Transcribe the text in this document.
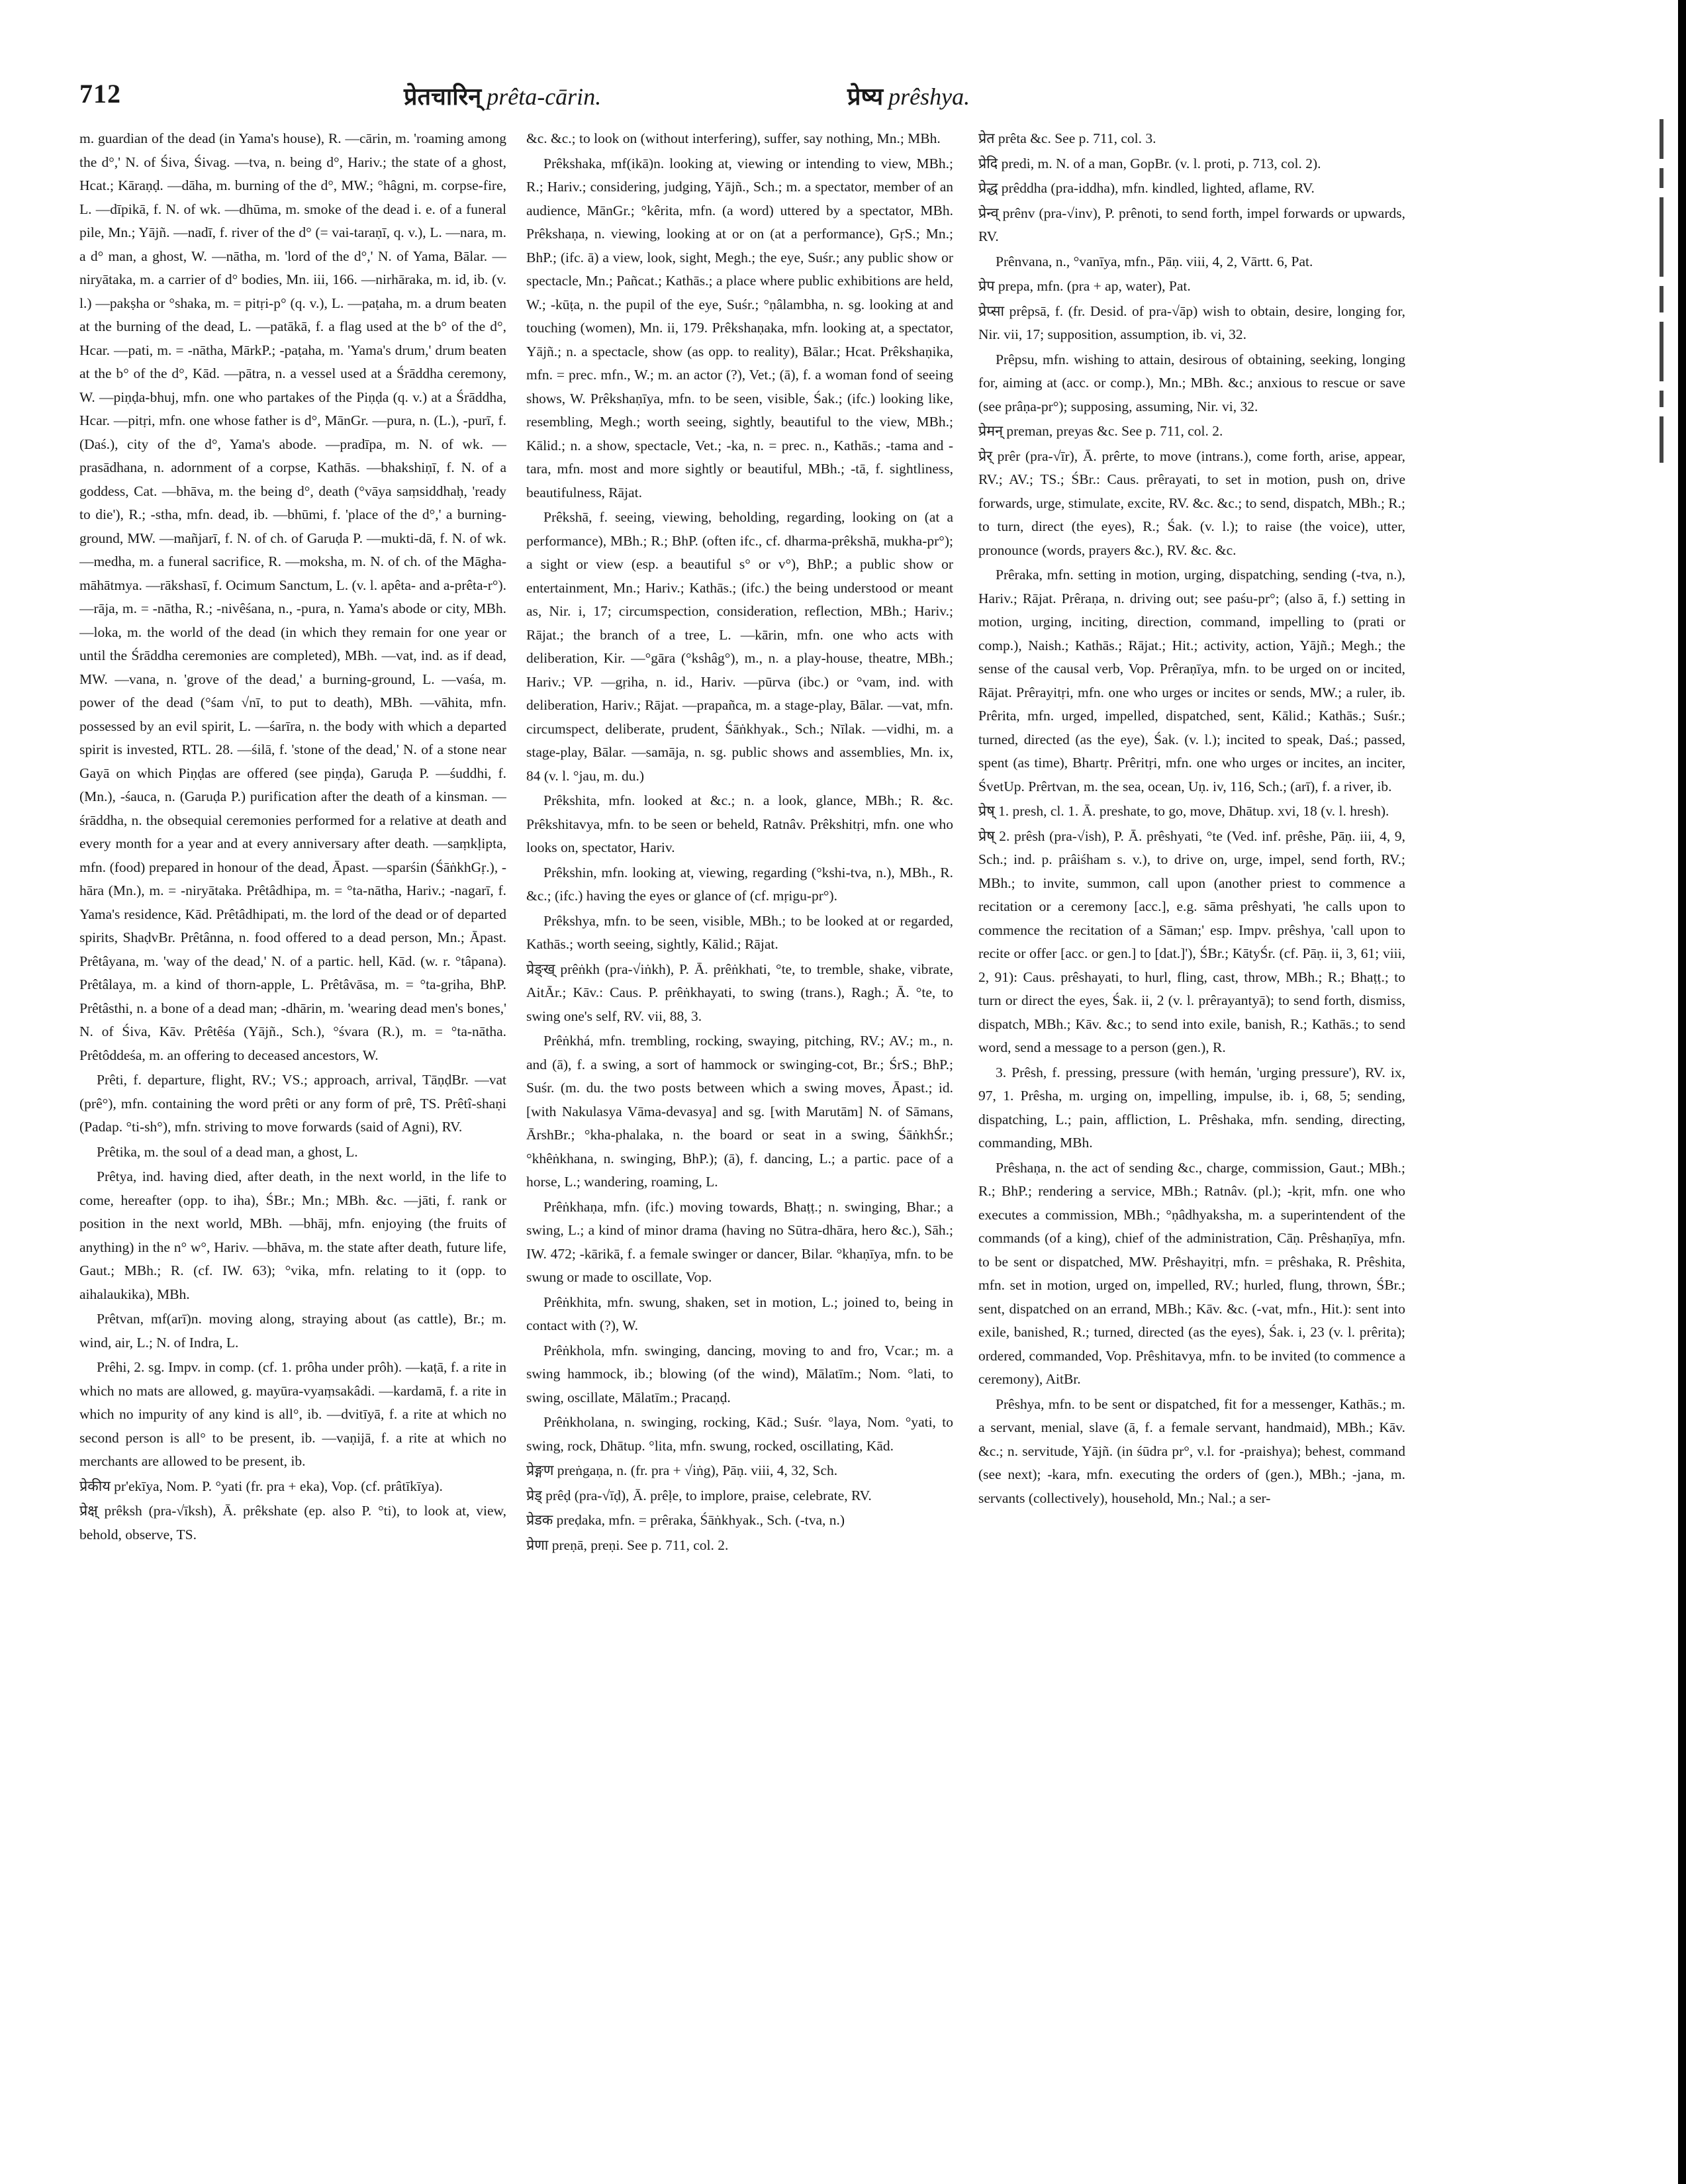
712	प्रेतचारिन् prêta-cārin.	प्रेष्य prêshya.

m. guardian of the dead (in Yama's house), R. —cārin, m. 'roaming among the d°,' N. of Śiva, Śivag. —tva, n. being d°, Hariv.; the state of a ghost, Hcat.; Kāraṇḍ. —dāha, m. burning of the d°, MW.; °hâgni, m. corpse-fire, L. —dīpikā, f. N. of wk. —dhūma, m. smoke of the dead i. e. of a funeral pile, Mn.; Yājñ. —nadī, f. river of the d° (= vai-taraṇī, q. v.), L. —nara, m. a d° man, a ghost, W. —nātha, m. 'lord of the d°,' N. of Yama, Bālar. —niryātaka, m. a carrier of d° bodies, Mn. iii, 166. —nirhāraka, m. id, ib. (v. l.) —pakṣha or °shaka, m. = pitṛi-p° (q. v.), L. —paṭaha, m. a drum beaten at the burning of the dead, L. —patākā, f. a flag used at the b° of the d°, Hcar. —pati, m. = -nātha, MārkP.; -paṭaha, m. 'Yama's drum,' drum beaten at the b° of the d°, Kād. —pātra, n. a vessel used at a Śrāddha ceremony, W. —piṇḍa-bhuj, mfn. one who partakes of the Piṇḍa (q. v.) at a Śrāddha, Hcar. —pitṛi, mfn. one whose father is d°, MānGr. —pura, n. (L.), -purī, f. (Daś.), city of the d°, Yama's abode. —pradīpa, m. N. of wk. —prasādhana, n. adornment of a corpse, Kathās. —bhakshiṇī, f. N. of a goddess, Cat. —bhāva, m. the being d°, death (°vāya saṃsiddhaḥ, 'ready to die'), R.; -stha, mfn. dead, ib. —bhūmi, f. 'place of the d°,' a burning-ground, MW. —mañjarī, f. N. of ch. of Garuḍa P. —mukti-dā, f. N. of wk. —medha, m. a funeral sacrifice, R. —moksha, m. N. of ch. of the Māgha-māhātmya. —rākshasī, f. Ocimum Sanctum, L. (v. l. apêta- and a-prêta-r°). —rāja, m. = -nātha, R.; -nivêśana, n., -pura, n. Yama's abode or city, MBh. —loka, m. the world of the dead (in which they remain for one year or until the Śrāddha ceremonies are completed), MBh. —vat, ind. as if dead, MW. —vana, n. 'grove of the dead,' a burning-ground, L. —vaśa, m. power of the dead (°śam √nī, to put to death), MBh. —vāhita, mfn. possessed by an evil spirit, L. —śarīra, n. the body with which a departed spirit is invested, RTL. 28. —śilā, f. 'stone of the dead,' N. of a stone near Gayā on which Piṇḍas are offered (see piṇḍa), Garuḍa P. —śuddhi, f. (Mn.), -śauca, n. (Garuḍa P.) purification after the death of a kinsman. —śrāddha, n. the obsequial ceremonies performed for a relative at death and every month for a year and at every anniversary after death. —saṃkḷipta, mfn. (food) prepared in honour of the dead, Āpast. —sparśin (ŚāṅkhGṛ.), -hāra (Mn.), m. = -niryātaka. Prêtâdhipa, m. = °ta-nātha, Hariv.; -nagarī, f. Yama's residence, Kād. Prêtâdhipati, m. the lord of the dead or of departed spirits, ShaḍvBr. Prêtânna, n. food offered to a dead person, Mn.; Āpast. Prêtâyana, m. 'way of the dead,' N. of a partic. hell, Kād. (w. r. °tâpana). Prêtâlaya, m. a kind of thorn-apple, L. Prêtâvāsa, m. = °ta-gṛiha, BhP. Prêtâsthi, n. a bone of a dead man; -dhārin, m. 'wearing dead men's bones,' N. of Śiva, Kāv. Prêtêśa (Yājñ., Sch.), °śvara (R.), m. = °ta-nātha. Prêtôddeśa, m. an offering to deceased ancestors, W.

Prêti, f. departure, flight, RV.; VS.; approach, arrival, TāṇḍBr. —vat (prê°), mfn. containing the word prêti or any form of prê, TS. Prêtî-shaṇi (Padap. °ti-sh°), mfn. striving to move forwards (said of Agni), RV.

Prêtika, m. the soul of a dead man, a ghost, L.

Prêtya, ind. having died, after death, in the next world, in the life to come, hereafter (opp. to iha), ŚBr.; Mn.; MBh. &c. —jāti, f. rank or position in the next world, MBh. —bhāj, mfn. enjoying (the fruits of anything) in the n° w°, Hariv. —bhāva, m. the state after death, future life, Gaut.; MBh.; R. (cf. IW. 63); °vika, mfn. relating to it (opp. to aihalaukika), MBh.

Prêtvan, mf(arī)n. moving along, straying about (as cattle), Br.; m. wind, air, L.; N. of Indra, L.

Prêhi, 2. sg. Impv. in comp. (cf. 1. prôha under prôh). —kaṭā, f. a rite in which no mats are allowed, g. mayūra-vyaṃsakâdi. —kardamā, f. a rite in which no impurity of any kind is all°, ib. —dvitīyā, f. a rite at which no second person is all° to be present, ib. —vaṇijā, f. a rite at which no merchants are allowed to be present, ib.

प्रेकीय pr'ekīya, Nom. P. °yati (fr. pra + eka), Vop. (cf. prâtīkīya).

प्रेक्ष् prêksh (pra-√īksh), Ā. prêkshate (ep. also P. °ti), to look at, view, behold, observe, TS.

&c. &c.; to look on (without interfering), suffer, say nothing, Mn.; MBh.

Prêkshaka, mf(ikā)n. looking at, viewing or intending to view, MBh.; R.; Hariv.; considering, judging, Yājñ., Sch.; m. a spectator, member of an audience, MānGr.; °kêrita, mfn. (a word) uttered by a spectator, MBh. Prêkshaṇa, n. viewing, looking at or on (at a performance), GṛS.; Mn.; BhP.; (ifc. ā) a view, look, sight, Megh.; the eye, Suśr.; any public show or spectacle, Mn.; Pañcat.; Kathās.; a place where public exhibitions are held, W.; -kūṭa, n. the pupil of the eye, Suśr.; °ṇâlambha, n. sg. looking at and touching (women), Mn. ii, 179. Prêkshaṇaka, mfn. looking at, a spectator, Yājñ.; n. a spectacle, show (as opp. to reality), Bālar.; Hcat. Prêkshaṇika, mfn. = prec. mfn., W.; m. an actor (?), Vet.; (ā), f. a woman fond of seeing shows, W. Prêkshaṇīya, mfn. to be seen, visible, Śak.; (ifc.) looking like, resembling, Megh.; worth seeing, sightly, beautiful to the view, MBh.; Kālid.; n. a show, spectacle, Vet.; -ka, n. = prec. n., Kathās.; -tama and -tara, mfn. most and more sightly or beautiful, MBh.; -tā, f. sightliness, beautifulness, Rājat.

Prêkshā, f. seeing, viewing, beholding, regarding, looking on (at a performance), MBh.; R.; BhP. (often ifc., cf. dharma-prêkshā, mukha-pr°); a sight or view (esp. a beautiful s° or v°), BhP.; a public show or entertainment, Mn.; Hariv.; Kathās.; (ifc.) the being understood or meant as, Nir. i, 17; circumspection, consideration, reflection, MBh.; Hariv.; Rājat.; the branch of a tree, L. —kārin, mfn. one who acts with deliberation, Kir. —°gāra (°kshâg°), m., n. a play-house, theatre, MBh.; Hariv.; VP. —gṛiha, n. id., Hariv. —pūrva (ibc.) or °vam, ind. with deliberation, Hariv.; Rājat. —prapañca, m. a stage-play, Bālar. —vat, mfn. circumspect, deliberate, prudent, Śāṅkhyak., Sch.; Nīlak. —vidhi, m. a stage-play, Bālar. —samāja, n. sg. public shows and assemblies, Mn. ix, 84 (v. l. °jau, m. du.)

Prêkshita, mfn. looked at &c.; n. a look, glance, MBh.; R. &c. Prêkshitavya, mfn. to be seen or beheld, Ratnâv. Prêkshitṛi, mfn. one who looks on, spectator, Hariv.

Prêkshin, mfn. looking at, viewing, regarding (°kshi-tva, n.), MBh., R. &c.; (ifc.) having the eyes or glance of (cf. mṛigu-pr°).

Prêkshya, mfn. to be seen, visible, MBh.; to be looked at or regarded, Kathās.; worth seeing, sightly, Kālid.; Rājat.

प्रेङ्ख् prêṅkh (pra-√iṅkh), P. Ā. prêṅkhati, °te, to tremble, shake, vibrate, AitĀr.; Kāv.: Caus. P. prêṅkhayati, to swing (trans.), Ragh.; Ā. °te, to swing one's self, RV. vii, 88, 3.

Prêṅkhá, mfn. trembling, rocking, swaying, pitching, RV.; AV.; m., n. and (ā), f. a swing, a sort of hammock or swinging-cot, Br.; ŚrS.; BhP.; Suśr. (m. du. the two posts between which a swing moves, Āpast.; id. [with Nakulasya Vāma-devasya] and sg. [with Marutām] N. of Sāmans, ĀrshBr.; °kha-phalaka, n. the board or seat in a swing, ŚāṅkhŚr.; °khêṅkhana, n. swinging, BhP.); (ā), f. dancing, L.; a partic. pace of a horse, L.; wandering, roaming, L.

Prêṅkhaṇa, mfn. (ifc.) moving towards, Bhaṭṭ.; n. swinging, Bhar.; a swing, L.; a kind of minor drama (having no Sūtra-dhāra, hero &c.), Sāh.; IW. 472; -kārikā, f. a female swinger or dancer, Bilar. °khaṇīya, mfn. to be swung or made to oscillate, Vop.

Prêṅkhita, mfn. swung, shaken, set in motion, L.; joined to, being in contact with (?), W.

Prêṅkhola, mfn. swinging, dancing, moving to and fro, Vcar.; m. a swing hammock, ib.; blowing (of the wind), Mālatīm.; Nom. °lati, to swing, oscillate, Mālatīm.; Pracaṇḍ.

Prêṅkholana, n. swinging, rocking, Kād.; Suśr. °laya, Nom. °yati, to swing, rock, Dhātup. °lita, mfn. swung, rocked, oscillating, Kād.

प्रेङ्गण preṅgaṇa, n. (fr. pra + √iṅg), Pāṇ. viii, 4, 32, Sch.

प्रेड् prêḍ (pra-√īḍ), Ā. prêḷe, to implore, praise, celebrate, RV.

प्रेडक preḍaka, mfn. = prêraka, Śāṅkhyak., Sch. (-tva, n.)

प्रेणा preṇā, preṇi. See p. 711, col. 2.

प्रेत prêta &c. See p. 711, col. 3.

प्रेदि predi, m. N. of a man, GopBr. (v. l. proti, p. 713, col. 2).

प्रेद्ध prêddha (pra-iddha), mfn. kindled, lighted, aflame, RV.

प्रेन्व् prênv (pra-√inv), P. prênoti, to send forth, impel forwards or upwards, RV.

Prênvana, n., °vanīya, mfn., Pāṇ. viii, 4, 2, Vārtt. 6, Pat.

प्रेप prepa, mfn. (pra + ap, water), Pat.

प्रेप्सा prêpsā, f. (fr. Desid. of pra-√āp) wish to obtain, desire, longing for, Nir. vii, 17; supposition, assumption, ib. vi, 32.

Prêpsu, mfn. wishing to attain, desirous of obtaining, seeking, longing for, aiming at (acc. or comp.), Mn.; MBh. &c.; anxious to rescue or save (see prâṇa-pr°); supposing, assuming, Nir. vi, 32.

प्रेमन् preman, preyas &c. See p. 711, col. 2.

प्रेर् prêr (pra-√īr), Ā. prêrte, to move (intrans.), come forth, arise, appear, RV.; AV.; TS.; ŚBr.: Caus. prêrayati, to set in motion, push on, drive forwards, urge, stimulate, excite, RV. &c. &c.; to send, dispatch, MBh.; R.; to turn, direct (the eyes), R.; Śak. (v. l.); to raise (the voice), utter, pronounce (words, prayers &c.), RV. &c. &c.

Prêraka, mfn. setting in motion, urging, dispatching, sending (-tva, n.), Hariv.; Rājat. Prêraṇa, n. driving out; see paśu-pr°; (also ā, f.) setting in motion, urging, inciting, direction, command, impelling to (prati or comp.), Naish.; Kathās.; Rājat.; Hit.; activity, action, Yājñ.; Megh.; the sense of the causal verb, Vop. Prêraṇīya, mfn. to be urged on or incited, Rājat. Prêrayitṛi, mfn. one who urges or incites or sends, MW.; a ruler, ib. Prêrita, mfn. urged, impelled, dispatched, sent, Kālid.; Kathās.; Suśr.; turned, directed (as the eye), Śak. (v. l.); incited to speak, Daś.; passed, spent (as time), Bhartṛ. Prêritṛi, mfn. one who urges or incites, an inciter, ŚvetUp. Prêrtvan, m. the sea, ocean, Uṇ. iv, 116, Sch.; (arī), f. a river, ib.

प्रेष् 1. presh, cl. 1. Ā. preshate, to go, move, Dhātup. xvi, 18 (v. l. hresh).

प्रेष् 2. prêsh (pra-√ish), P. Ā. prêshyati, °te (Ved. inf. prêshe, Pāṇ. iii, 4, 9, Sch.; ind. p. prâiśham s. v.), to drive on, urge, impel, send forth, RV.; MBh.; to invite, summon, call upon (another priest to commence a recitation or a ceremony [acc.], e.g. sāma prêshyati, 'he calls upon to commence the recitation of a Sāman;' esp. Impv. prêshya, 'call upon to recite or offer [acc. or gen.] to [dat.]'), ŚBr.; KātyŚr. (cf. Pāṇ. ii, 3, 61; viii, 2, 91): Caus. prêshayati, to hurl, fling, cast, throw, MBh.; R.; Bhaṭṭ.; to turn or direct the eyes, Śak. ii, 2 (v. l. prêrayantyā); to send forth, dismiss, dispatch, MBh.; Kāv. &c.; to send into exile, banish, R.; Kathās.; to send word, send a message to a person (gen.), R.

3. Prêsh, f. pressing, pressure (with hemán, 'urging pressure'), RV. ix, 97, 1. Prêsha, m. urging on, impelling, impulse, ib. i, 68, 5; sending, dispatching, L.; pain, affliction, L. Prêshaka, mfn. sending, directing, commanding, MBh.

Prêshaṇa, n. the act of sending &c., charge, commission, Gaut.; MBh.; R.; BhP.; rendering a service, MBh.; Ratnâv. (pl.); -kṛit, mfn. one who executes a commission, MBh.; °ṇâdhyaksha, m. a superintendent of the commands (of a king), chief of the administration, Cāṇ. Prêshaṇīya, mfn. to be sent or dispatched, MW. Prêshayitṛi, mfn. = prêshaka, R. Prêshita, mfn. set in motion, urged on, impelled, RV.; hurled, flung, thrown, ŚBr.; sent, dispatched on an errand, MBh.; Kāv. &c. (-vat, mfn., Hit.): sent into exile, banished, R.; turned, directed (as the eyes), Śak. i, 23 (v. l. prêrita); ordered, commanded, Vop. Prêshitavya, mfn. to be invited (to commence a ceremony), AitBr.

Prêshya, mfn. to be sent or dispatched, fit for a messenger, Kathās.; m. a servant, menial, slave (ā, f. a female servant, handmaid), MBh.; Kāv. &c.; n. servitude, Yājñ. (in śūdra pr°, v.l. for -praishya); behest, command (see next); -kara, mfn. executing the orders of (gen.), MBh.; -jana, m. servants (collectively), household, Mn.; Nal.; a ser-
